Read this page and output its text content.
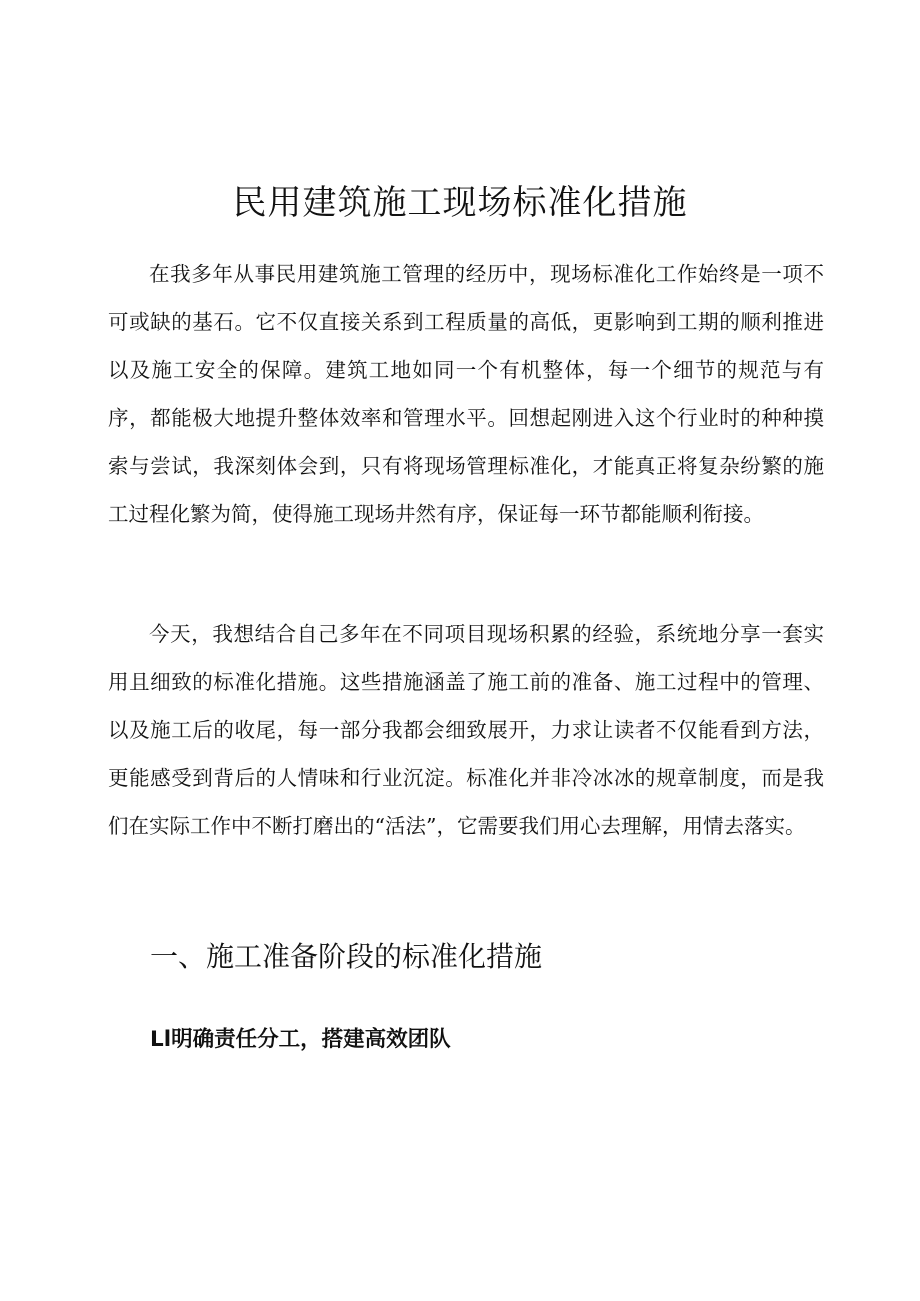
民用建筑施工现场标准化措施

在我多年从事民用建筑施工管理的经历中，现场标准化工作始终是一项不可或缺的基石。它不仅直接关系到工程质量的高低，更影响到工期的顺利推进以及施工安全的保障。建筑工地如同一个有机整体，每一个细节的规范与有序，都能极大地提升整体效率和管理水平。回想起刚进入这个行业时的种种摸索与尝试，我深刻体会到，只有将现场管理标准化，才能真正将复杂纷繁的施工过程化繁为简，使得施工现场井然有序，保证每一环节都能顺利衔接。

今天，我想结合自己多年在不同项目现场积累的经验，系统地分享一套实用且细致的标准化措施。这些措施涵盖了施工前的准备、施工过程中的管理、以及施工后的收尾，每一部分我都会细致展开，力求让读者不仅能看到方法，更能感受到背后的人情味和行业沉淀。标准化并非冷冰冰的规章制度，而是我们在实际工作中不断打磨出的“活法”，它需要我们用心去理解，用情去落实。

一、施工准备阶段的标准化措施
Ll明确责任分工，搭建高效团队
